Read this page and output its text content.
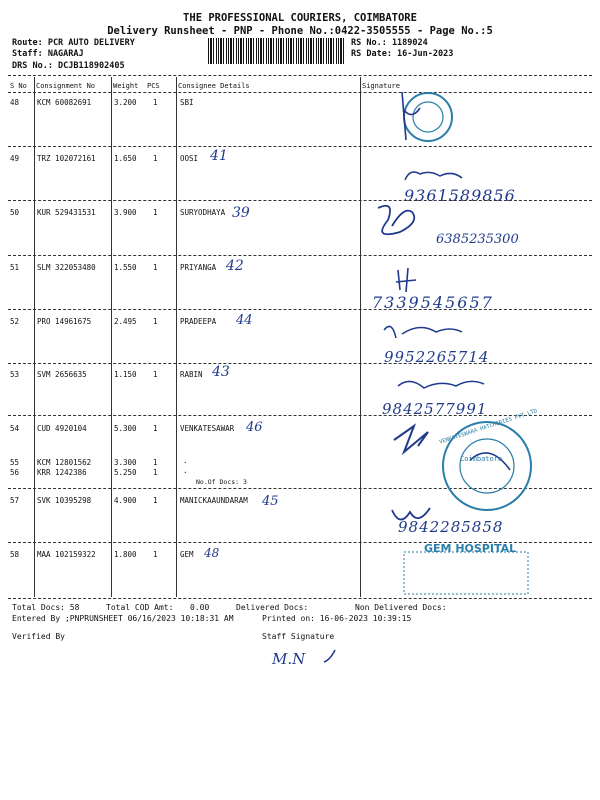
THE PROFESSIONAL COURIERS, COIMBATORE
Delivery Runsheet - PNP - Phone No.:0422-3505555 - Page No.:5
Route: PCR AUTO DELIVERY
Staff: NAGARAJ
DRS No.: DCJB118902405
RS No.: 1189024
RS Date: 16-Jun-2023
S No Consignment No	Weight PCS	Consignee Details	Signature
48 KCM 60082691	3.200 1	SBI
49 TRZ 102072161 1.650 1	OOSI 41
9361589856
50 KUR 529431531 3.900 1	SURYODHAYA 39
6385235300
51 SLM 322053480 1.550 1	PRIYANGA 42
7339545657
52 PRO 14961675	2.495 1	PRADEEPA 44
9952265714
53 SVM 2656635	1.150 1	RABIN 43
9842577991
54 CUD 4920104	5.300 1	VENKATESAWAR 46
55 KCM 12801562	3.300 1	.
56 KRR 1242386	5.250 1	.
No.Of Docs: 3
57 SVK 10395298	4.900 1	MANICKAAUNDARAM 45
9842285858
58 MAA 102159322 1.800 1	GEM 48
Coimbatore
VENKATESWARA HATCHERIES PVT LTD
GEM HOSPITAL
Total Docs: 58	Total COD Amt: 0.00	Delivered Docs:	Non Delivered Docs:
Entered By ;PNPRUNSHEET 06/16/2023 10:18:31 AM	Printed on: 16-06-2023 10:39:15
Verified By	Staff Signature
M.N
